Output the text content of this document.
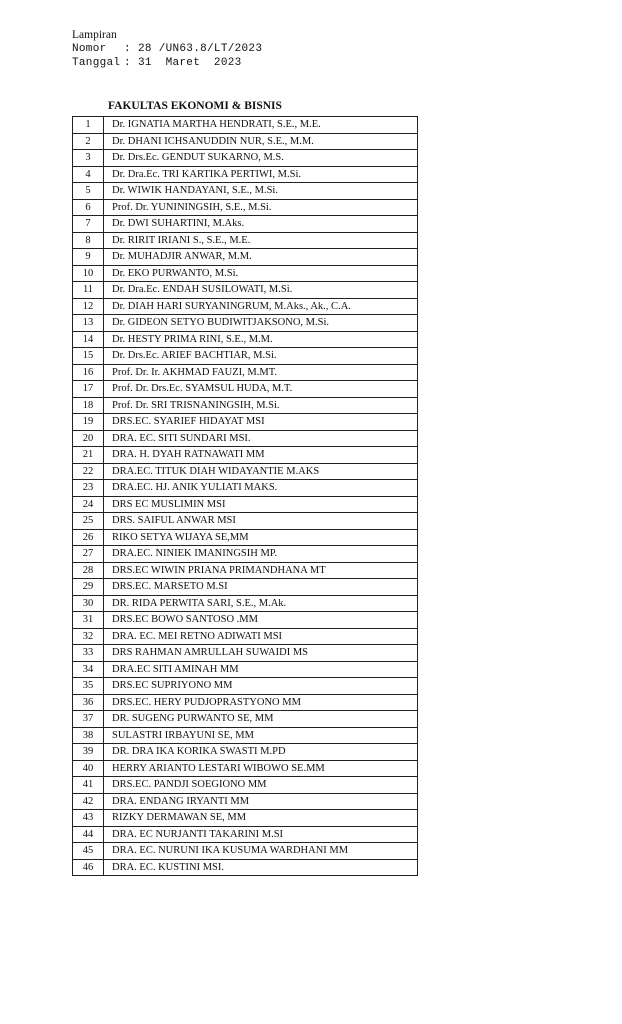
Lampiran
Nomor	: 28 /UN63.8/LT/2023
Tanggal : 31  Maret  2023
FAKULTAS EKONOMI & BISNIS
1	Dr. IGNATIA MARTHA HENDRATI, S.E., M.E.
2	Dr. DHANI ICHSANUDDIN NUR, S.E., M.M.
3	Dr. Drs.Ec. GENDUT SUKARNO, M.S.
4	Dr. Dra.Ec. TRI KARTIKA PERTIWI, M.Si.
5	Dr. WIWIK HANDAYANI, S.E., M.Si.
6	Prof. Dr. YUNININGSIH, S.E., M.Si.
7	Dr. DWI SUHARTINI, M.Aks.
8	Dr. RIRIT IRIANI S., S.E., M.E.
9	Dr. MUHADJIR ANWAR, M.M.
10	Dr. EKO PURWANTO, M.Si.
11	Dr. Dra.Ec. ENDAH SUSILOWATI, M.Si.
12	Dr. DIAH HARI SURYANINGRUM, M.Aks., Ak., C.A.
13	Dr. GIDEON SETYO BUDIWITJAKSONO, M.Si.
14	Dr. HESTY PRIMA RINI, S.E., M.M.
15	Dr. Drs.Ec. ARIEF BACHTIAR, M.Si.
16	Prof. Dr. Ir. AKHMAD FAUZI, M.MT.
17	Prof. Dr. Drs.Ec. SYAMSUL HUDA, M.T.
18	Prof. Dr. SRI TRISNANINGSIH, M.Si.
19	DRS.EC. SYARIEF HIDAYAT MSI
20	DRA. EC. SITI SUNDARI MSI.
21	DRA. H. DYAH RATNAWATI MM
22	DRA.EC. TITUK DIAH WIDAYANTIE M.AKS
23	DRA.EC. HJ. ANIK YULIATI MAKS.
24	DRS EC MUSLIMIN MSI
25	DRS. SAIFUL ANWAR MSI
26	RIKO SETYA WIJAYA SE,MM
27	DRA.EC. NINIEK IMANINGSIH MP.
28	DRS.EC WIWIN PRIANA PRIMANDHANA MT
29	DRS.EC. MARSETO M.SI
30	DR. RIDA PERWITA SARI, S.E., M.Ak.
31	DRS.EC BOWO SANTOSO .MM
32	DRA. EC. MEI RETNO ADIWATI MSI
33	DRS RAHMAN AMRULLAH SUWAIDI MS
34	DRA.EC SITI AMINAH MM
35	DRS.EC SUPRIYONO MM
36	DRS.EC. HERY PUDJOPRASTYONO MM
37	DR. SUGENG PURWANTO SE, MM
38	SULASTRI IRBAYUNI SE, MM
39	DR. DRA IKA KORIKA SWASTI M.PD
40	HERRY ARIANTO LESTARI WIBOWO SE.MM
41	DRS.EC. PANDJI SOEGIONO MM
42	DRA. ENDANG IRYANTI MM
43	RIZKY DERMAWAN SE, MM
44	DRA. EC NURJANTI TAKARINI M.SI
45	DRA. EC. NURUNI IKA KUSUMA WARDHANI MM
46	DRA. EC. KUSTINI MSI.
